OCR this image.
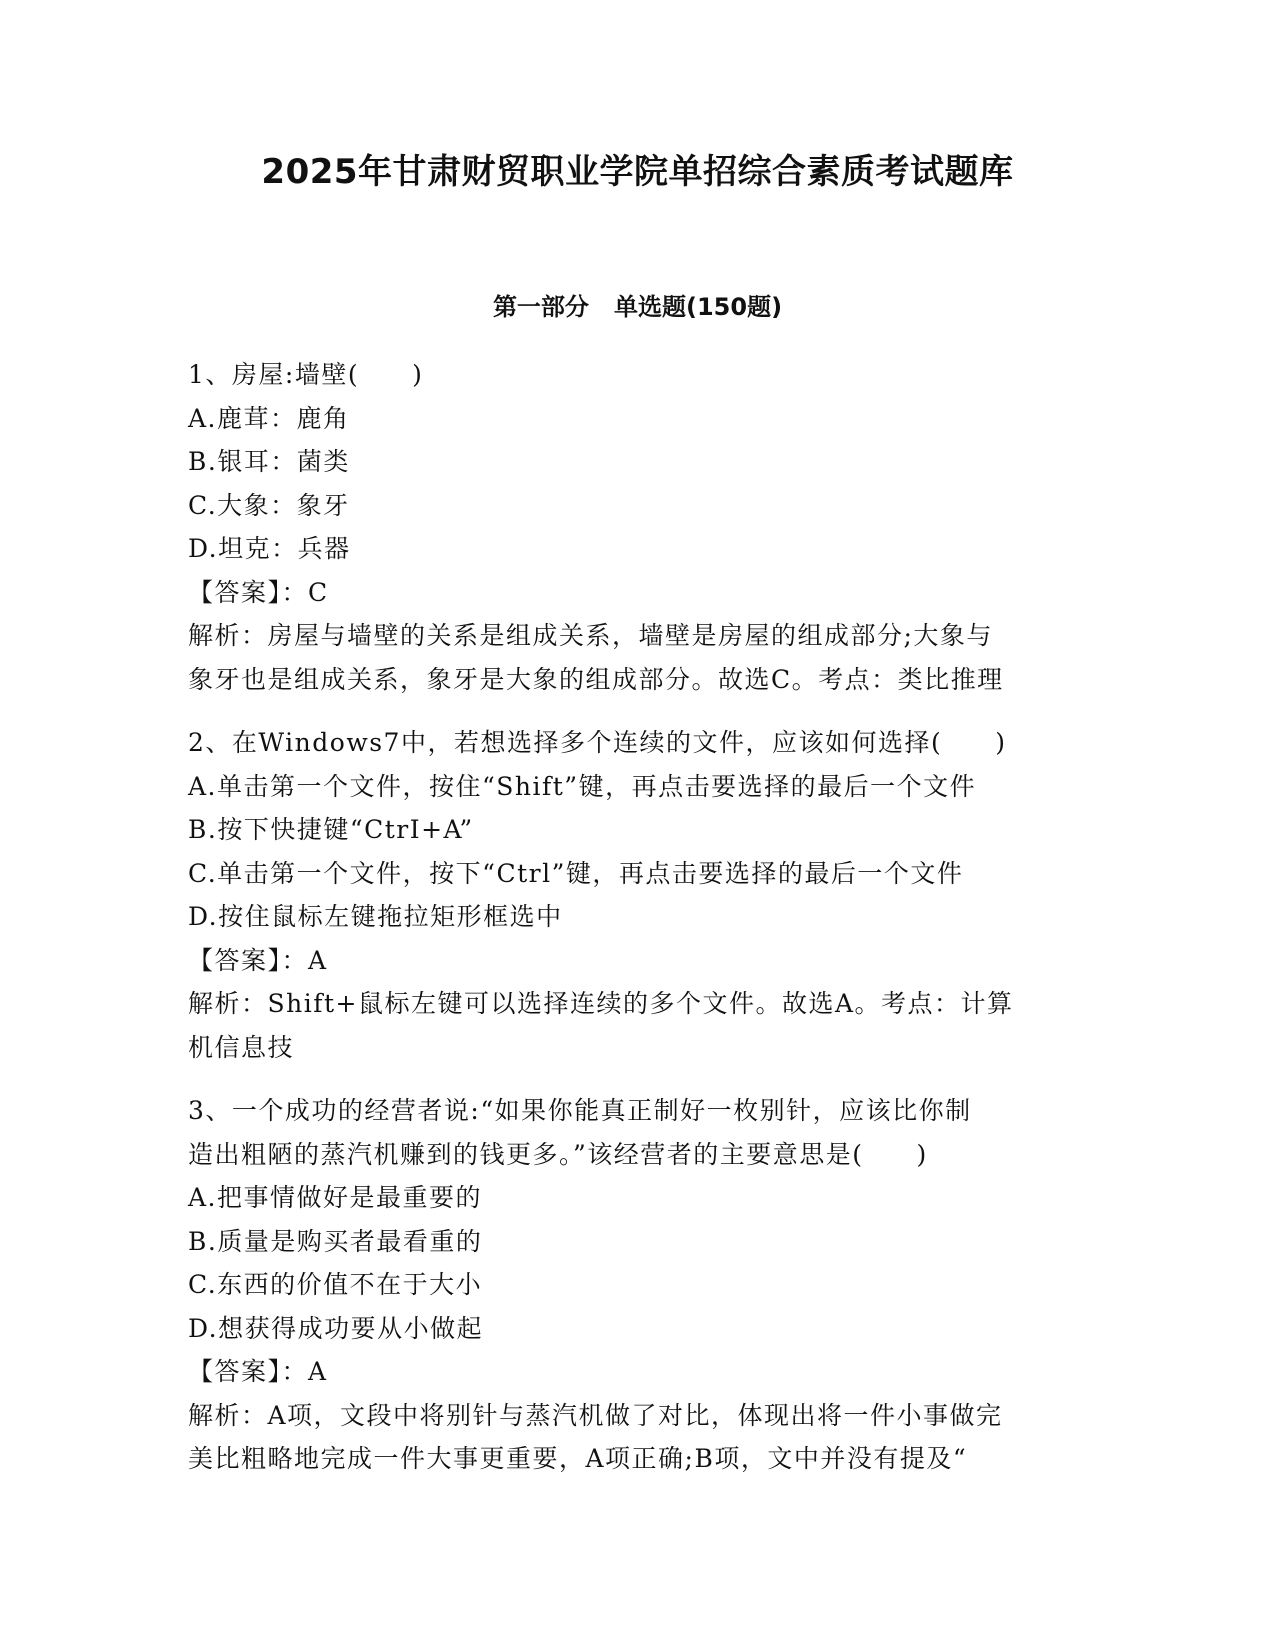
2025年甘肃财贸职业学院单招综合素质考试题库
第一部分   单选题(150题)
1、房屋:墙壁(　　)
A.鹿茸：鹿角
B.银耳：菌类
C.大象：象牙
D.坦克：兵器
【答案】：C
解析：房屋与墙壁的关系是组成关系，墙壁是房屋的组成部分;大象与
象牙也是组成关系，象牙是大象的组成部分。故选C。考点：类比推理
2、在Windows7中，若想选择多个连续的文件，应该如何选择(　　)
A.单击第一个文件，按住“Shift”键，再点击要选择的最后一个文件
B.按下快捷键“CtrI+A”
C.单击第一个文件，按下“Ctrl”键，再点击要选择的最后一个文件
D.按住鼠标左键拖拉矩形框选中
【答案】：A
解析：Shift+鼠标左键可以选择连续的多个文件。故选A。考点：计算
机信息技
3、一个成功的经营者说:“如果你能真正制好一枚别针，应该比你制
造出粗陋的蒸汽机赚到的钱更多。”该经营者的主要意思是(　　)
A.把事情做好是最重要的
B.质量是购买者最看重的
C.东西的价值不在于大小
D.想获得成功要从小做起
【答案】：A
解析：A项，文段中将别针与蒸汽机做了对比，体现出将一件小事做完
美比粗略地完成一件大事更重要，A项正确;B项，文中并没有提及“
